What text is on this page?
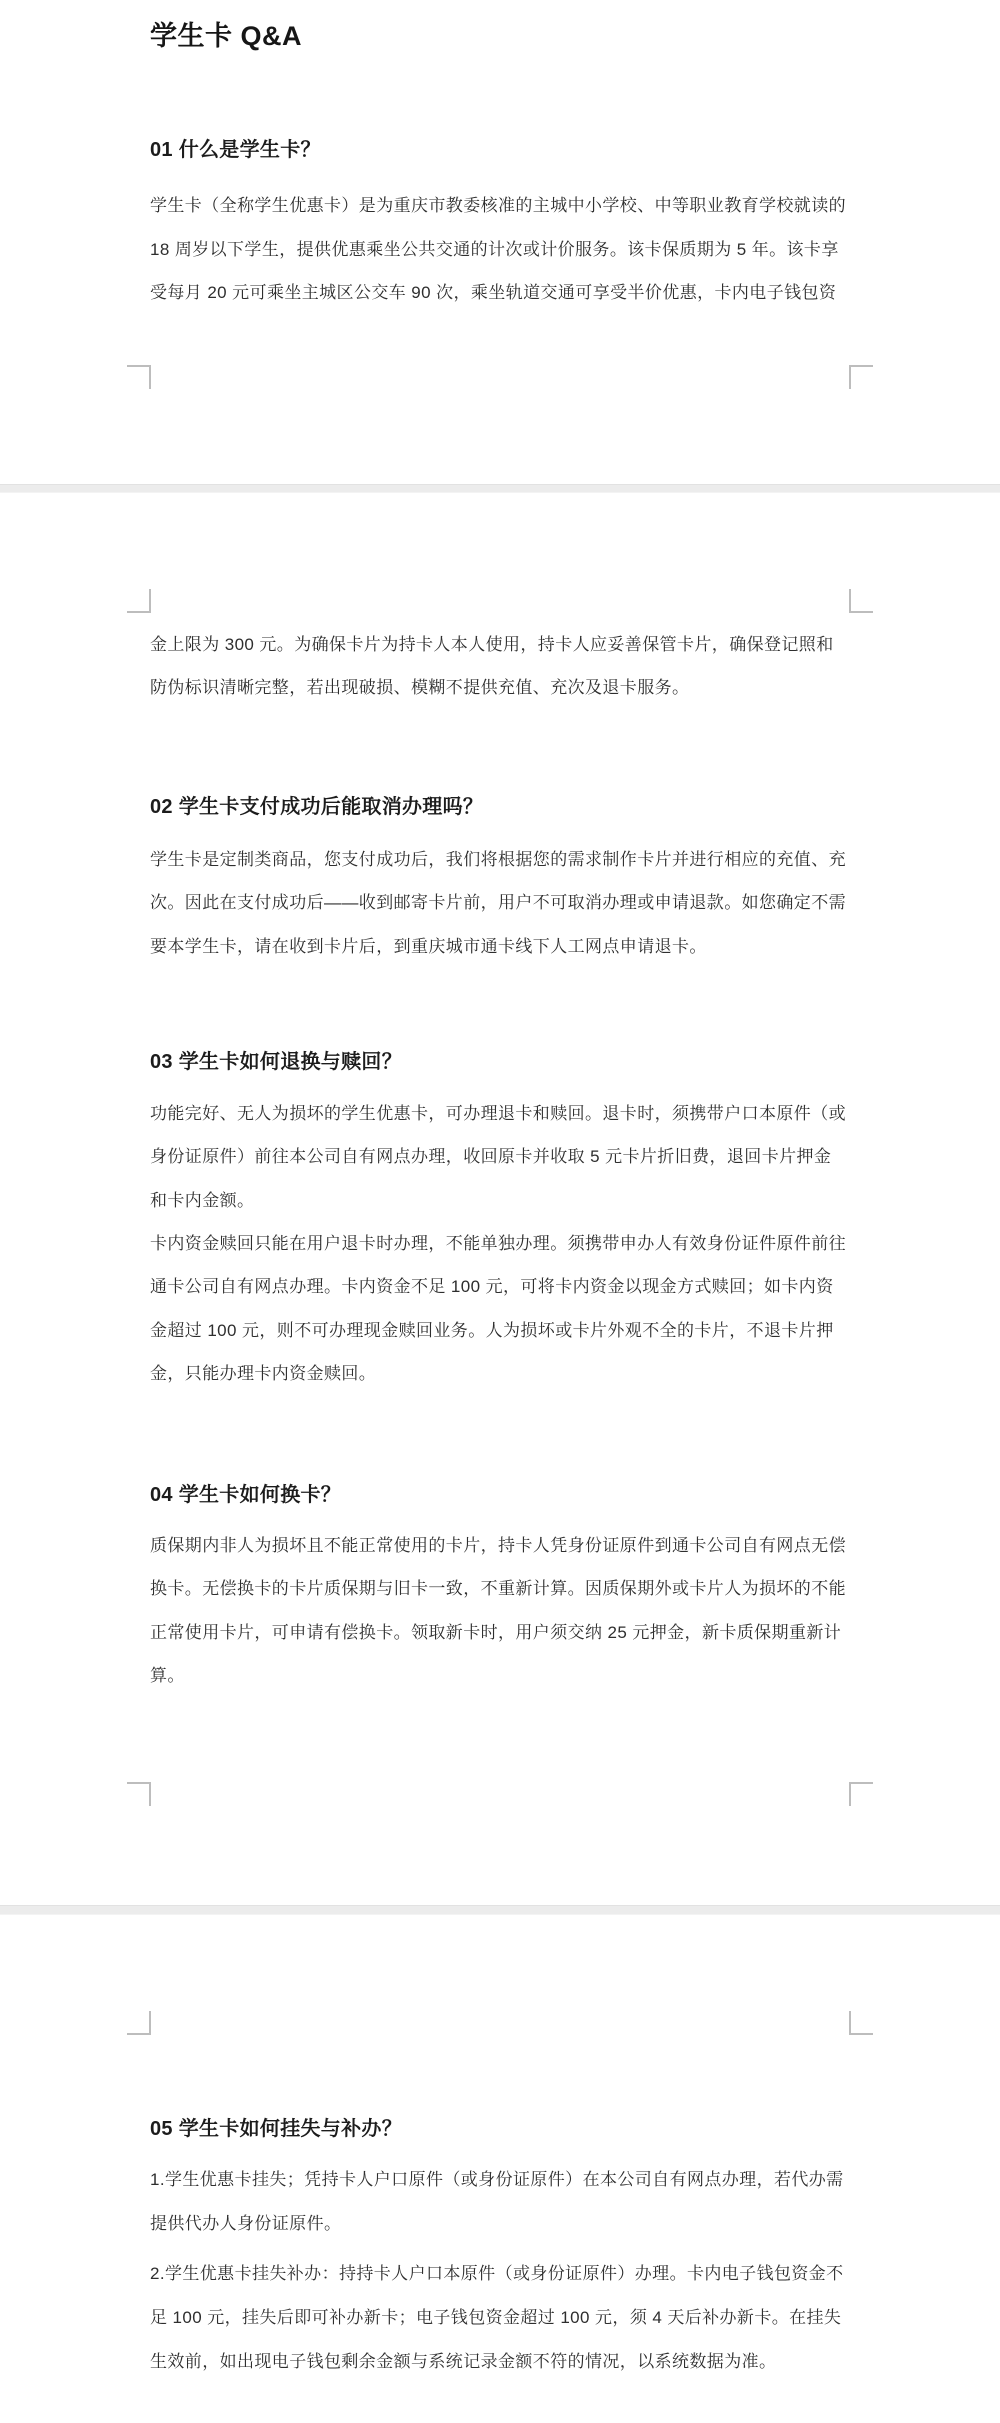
学生卡 Q&A
01 什么是学生卡？
学生卡（全称学生优惠卡）是为重庆市教委核准的主城中小学校、中等职业教育学校就读的
18 周岁以下学生，提供优惠乘坐公共交通的计次或计价服务。该卡保质期为 5 年。该卡享
受每月 20 元可乘坐主城区公交车 90 次，乘坐轨道交通可享受半价优惠，卡内电子钱包资
金上限为 300 元。为确保卡片为持卡人本人使用，持卡人应妥善保管卡片，确保登记照和
防伪标识清晰完整，若出现破损、模糊不提供充值、充次及退卡服务。
02 学生卡支付成功后能取消办理吗？
学生卡是定制类商品，您支付成功后，我们将根据您的需求制作卡片并进行相应的充值、充
次。因此在支付成功后——收到邮寄卡片前，用户不可取消办理或申请退款。如您确定不需
要本学生卡，请在收到卡片后，到重庆城市通卡线下人工网点申请退卡。
03 学生卡如何退换与赎回？
功能完好、无人为损坏的学生优惠卡，可办理退卡和赎回。退卡时，须携带户口本原件（或
身份证原件）前往本公司自有网点办理，收回原卡并收取 5 元卡片折旧费，退回卡片押金
和卡内金额。
卡内资金赎回只能在用户退卡时办理，不能单独办理。须携带申办人有效身份证件原件前往
通卡公司自有网点办理。卡内资金不足 100 元，可将卡内资金以现金方式赎回；如卡内资
金超过 100 元，则不可办理现金赎回业务。人为损坏或卡片外观不全的卡片，不退卡片押
金，只能办理卡内资金赎回。
04 学生卡如何换卡？
质保期内非人为损坏且不能正常使用的卡片，持卡人凭身份证原件到通卡公司自有网点无偿
换卡。无偿换卡的卡片质保期与旧卡一致，不重新计算。因质保期外或卡片人为损坏的不能
正常使用卡片，可申请有偿换卡。领取新卡时，用户须交纳 25 元押金，新卡质保期重新计
算。
05 学生卡如何挂失与补办？
1.学生优惠卡挂失；凭持卡人户口原件（或身份证原件）在本公司自有网点办理，若代办需
提供代办人身份证原件。
2.学生优惠卡挂失补办：持持卡人户口本原件（或身份证原件）办理。卡内电子钱包资金不
足 100 元，挂失后即可补办新卡；电子钱包资金超过 100 元，须 4 天后补办新卡。在挂失
生效前，如出现电子钱包剩余金额与系统记录金额不符的情况，以系统数据为准。
